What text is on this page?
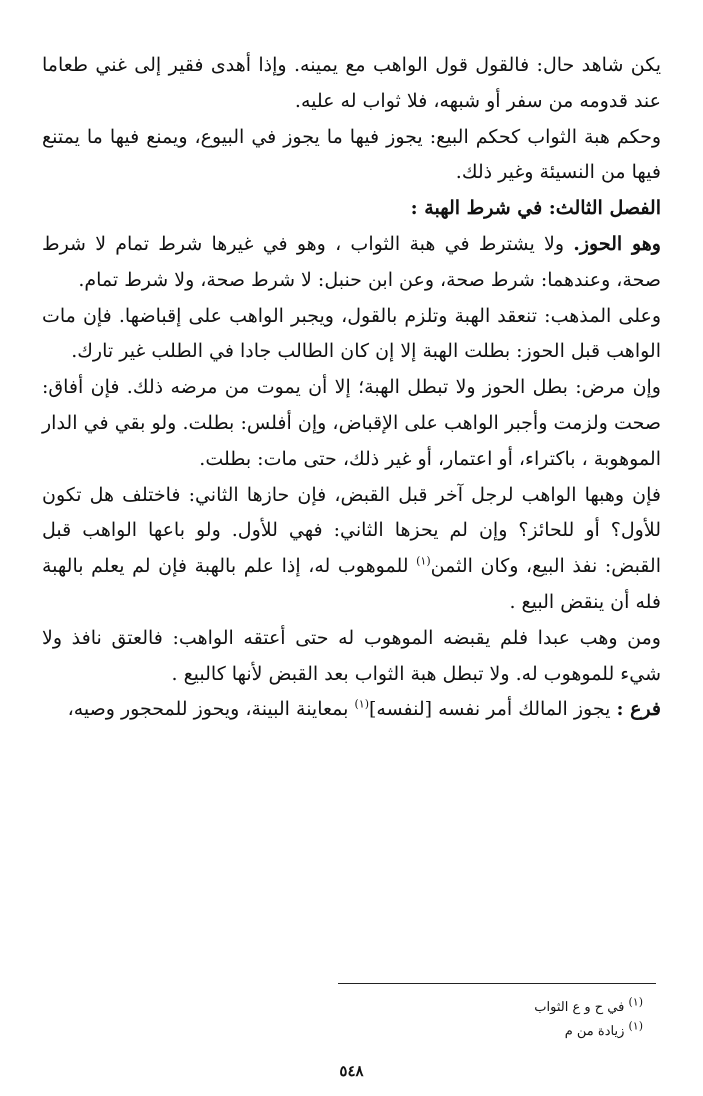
يكن شاهد حال: فالقول قول الواهب مع يمينه. وإذا أهدى فقير إلى غني طعاما عند قدومه من سفر أو شبهه، فلا ثواب له عليه.

وحكم هبة الثواب كحكم البيع: يجوز فيها ما يجوز في البيوع، ويمنع فيها ما يمتنع فيها من النسيئة وغير ذلك.

الفصل الثالث: في شرط الهبة :

وهو الحوز. ولا يشترط في هبة الثواب ، وهو في غيرها شرط تمام لا شرط صحة، وعندهما: شرط صحة، وعن ابن حنبل: لا شرط صحة، ولا شرط تمام.

وعلى المذهب: تنعقد الهبة وتلزم بالقول، ويجبر الواهب على إقباضها. فإن مات الواهب قبل الحوز: بطلت الهبة إلا إن كان الطالب جادا في الطلب غير تارك.

وإن مرض: بطل الحوز ولا تبطل الهبة؛ إلا أن يموت من مرضه ذلك. فإن أفاق: صحت ولزمت وأجبر الواهب على الإقباض، وإن أفلس: بطلت. ولو بقي في الدار الموهوبة ، باكتراء، أو اعتمار، أو غير ذلك، حتى مات: بطلت.

فإن وهبها الواهب لرجل آخر قبل القبض، فإن حازها الثاني: فاختلف هل تكون للأول؟ أو للحائز؟ وإن لم يحزها الثاني: فهي للأول. ولو باعها الواهب قبل القبض: نفذ البيع، وكان الثمن$^{(١)}$ للموهوب له، إذا علم بالهبة فإن لم يعلم بالهبة فله أن ينقض البيع .

ومن وهب عبدا فلم يقبضه الموهوب له حتى أعتقه الواهب: فالعتق نافذ ولا شيء للموهوب له. ولا تبطل هبة الثواب بعد القبض لأنها كالبيع .

فرع : يجوز المالك أمر نفسه [لنفسه]$^{(١)}$ بمعاينة البينة، ويحوز للمحجور وصيه،

$^{(١)}$ في ح و ع الثواب

$^{(١)}$ زيادة من م

٥٤٨
